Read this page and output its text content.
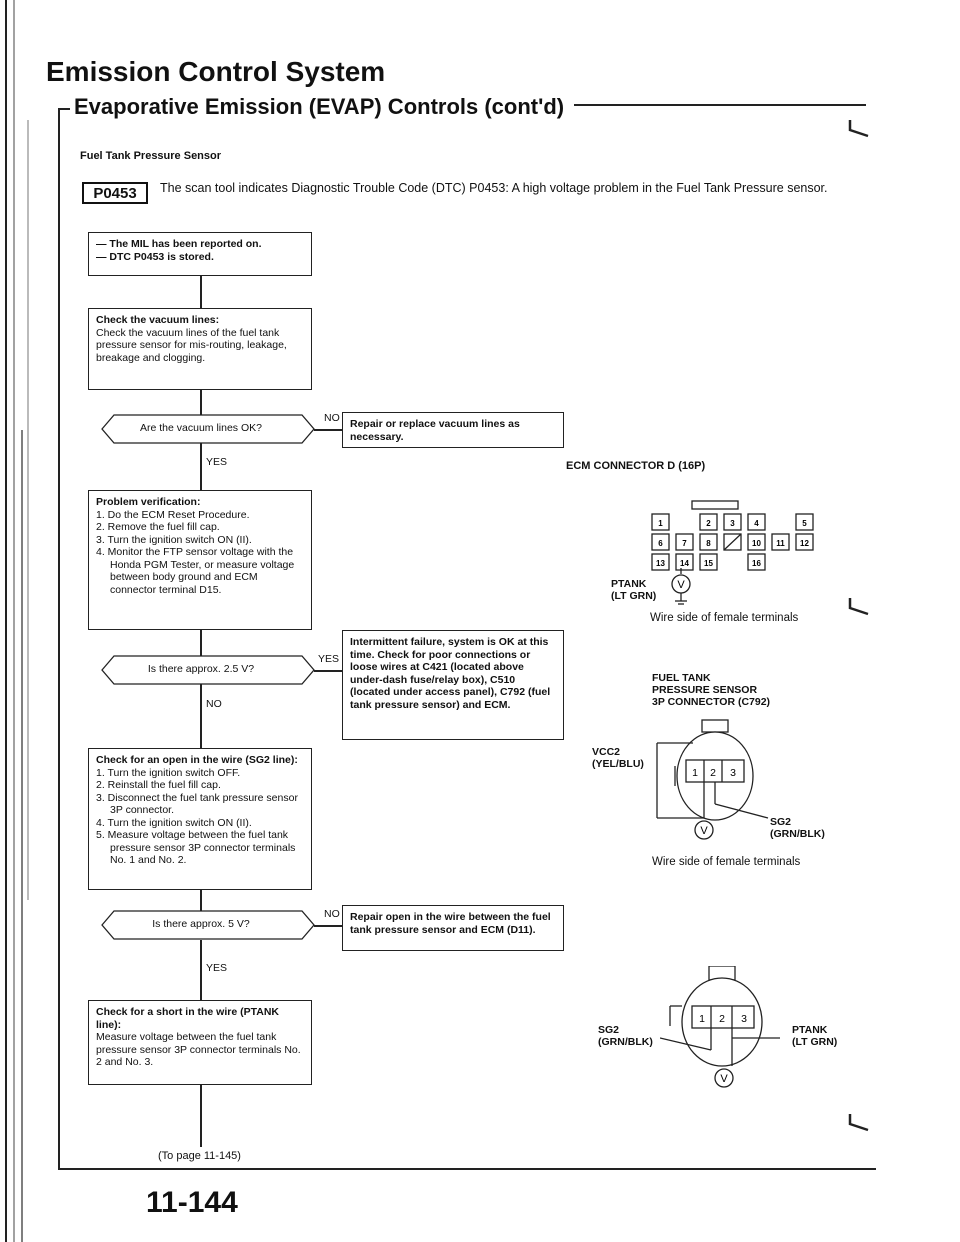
Emission Control System
Evaporative Emission (EVAP) Controls (cont'd)
Fuel Tank Pressure Sensor
P0453 The scan tool indicates Diagnostic Trouble Code (DTC) P0453: A high voltage problem in the Fuel Tank Pressure sensor.
— The MIL has been reported on.
— DTC P0453 is stored.
Check the vacuum lines:
Check the vacuum lines of the fuel tank pressure sensor for mis-routing, leakage, breakage and clogging.
Are the vacuum lines OK?
NO
YES
Repair or replace vacuum lines as necessary.
Problem verification:
1. Do the ECM Reset Procedure.
2. Remove the fuel fill cap.
3. Turn the ignition switch ON (II).
4. Monitor the FTP sensor voltage with the Honda PGM Tester, or measure voltage between body ground and ECM connector terminal D15.
Is there approx. 2.5 V?
YES
NO
Intermittent failure, system is OK at this time. Check for poor connections or loose wires at C421 (located above under-dash fuse/relay box), C510 (located under access panel), C792 (fuel tank pressure sensor) and ECM.
Check for an open in the wire (SG2 line):
1. Turn the ignition switch OFF.
2. Reinstall the fuel fill cap.
3. Disconnect the fuel tank pressure sensor 3P connector.
4. Turn the ignition switch ON (II).
5. Measure voltage between the fuel tank pressure sensor 3P connector terminals No. 1 and No. 2.
Is there approx. 5 V?
NO
YES
Repair open in the wire between the fuel tank pressure sensor and ECM (D11).
Check for a short in the wire (PTANK line):
Measure voltage between the fuel tank pressure sensor 3P connector terminals No. 2 and No. 3.
(To page 11-145)
ECM CONNECTOR D (16P)
1	2 3 4	5
6 7 8	10 11 12
13 14 15	16
PTANK
(LT GRN)
V
Wire side of female terminals
FUEL TANK
PRESSURE SENSOR
3P CONNECTOR (C792)
VCC2
(YEL/BLU)
SG2
(GRN/BLK)
V
1 2 3
Wire side of female terminals
SG2
(GRN/BLK)
PTANK
(LT GRN)
V
1 2 3
11-144
